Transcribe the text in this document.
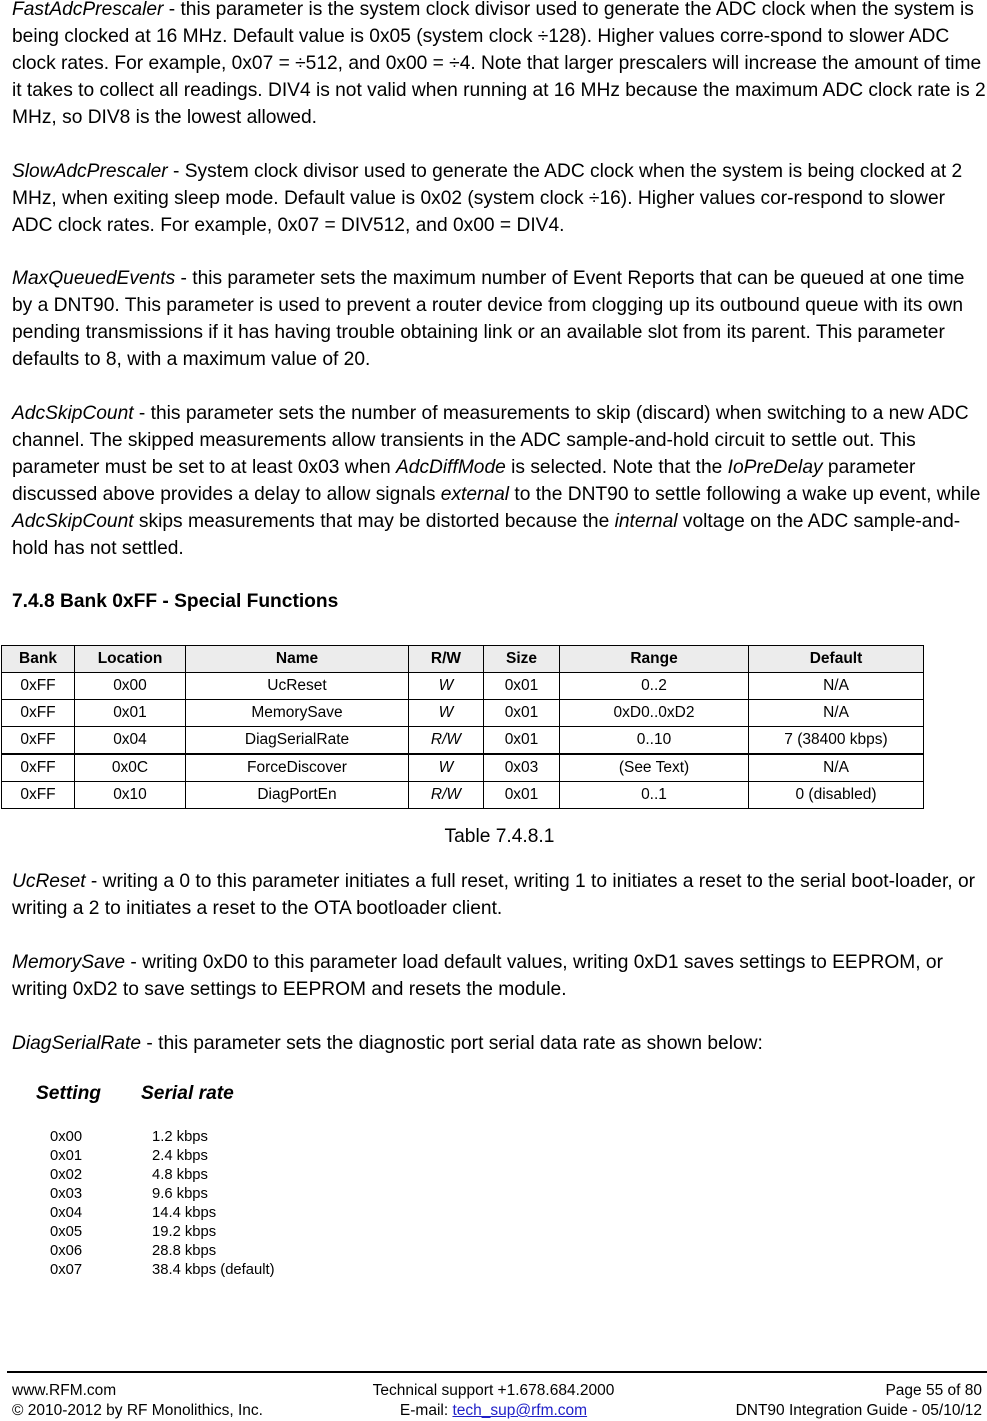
FastAdcPrescaler - this parameter is the system clock divisor used to generate the ADC clock when the system is being clocked at 16 MHz. Default value is 0x05 (system clock ÷128). Higher values corre-spond to slower ADC clock rates. For example, 0x07 = ÷512, and 0x00 = ÷4. Note that larger prescalers will increase the amount of time it takes to collect all readings. DIV4 is not valid when running at 16 MHz because the maximum ADC clock rate is 2 MHz, so DIV8 is the lowest allowed.

SlowAdcPrescaler - System clock divisor used to generate the ADC clock when the system is being clocked at 2 MHz, when exiting sleep mode. Default value is 0x02 (system clock ÷16). Higher values cor-respond to slower ADC clock rates. For example, 0x07 = DIV512, and 0x00 = DIV4.

MaxQueuedEvents - this parameter sets the maximum number of Event Reports that can be queued at one time by a DNT90. This parameter is used to prevent a router device from clogging up its outbound queue with its own pending transmissions if it has having trouble obtaining link or an available slot from its parent. This parameter defaults to 8, with a maximum value of 20.

AdcSkipCount - this parameter sets the number of measurements to skip (discard) when switching to a new ADC channel. The skipped measurements allow transients in the ADC sample-and-hold circuit to settle out. This parameter must be set to at least 0x03 when AdcDiffMode is selected. Note that the IoPreDelay parameter discussed above provides a delay to allow signals external to the DNT90 to settle following a wake up event, while AdcSkipCount skips measurements that may be distorted because the internal voltage on the ADC sample-and-hold has not settled.

7.4.8 Bank 0xFF - Special Functions
Bank	Location	Name	R/W	Size	Range	Default
0xFF	0x00	UcReset	W	0x01	0..2	N/A
0xFF	0x01	MemorySave	W	0x01	0xD0..0xD2	N/A
0xFF	0x04	DiagSerialRate	R/W	0x01	0..10	7 (38400 kbps)
0xFF	0x0C	ForceDiscover	W	0x03	(See Text)	N/A
0xFF	0x10	DiagPortEn	R/W	0x01	0..1	0 (disabled)
Table 7.4.8.1

UcReset - writing a 0 to this parameter initiates a full reset, writing 1 to initiates a reset to the serial boot-loader, or writing a 2 to initiates a reset to the OTA bootloader client.

MemorySave - writing 0xD0 to this parameter load default values, writing 0xD1 saves settings to EEPROM, or writing 0xD2 to save settings to EEPROM and resets the module.

DiagSerialRate - this parameter sets the diagnostic port serial data rate as shown below:

Setting Serial rate
0x00	1.2 kbps
0x01	2.4 kbps
0x02	4.8 kbps
0x03	9.6 kbps
0x04	14.4 kbps
0x05	19.2 kbps
0x06	28.8 kbps
0x07	38.4 kbps (default)
www.RFM.com
© 2010-2012 by RF Monolithics, Inc.
Technical support +1.678.684.2000
E-mail: tech_sup@rfm.com
Page 55 of 80
DNT90 Integration Guide - 05/10/12
